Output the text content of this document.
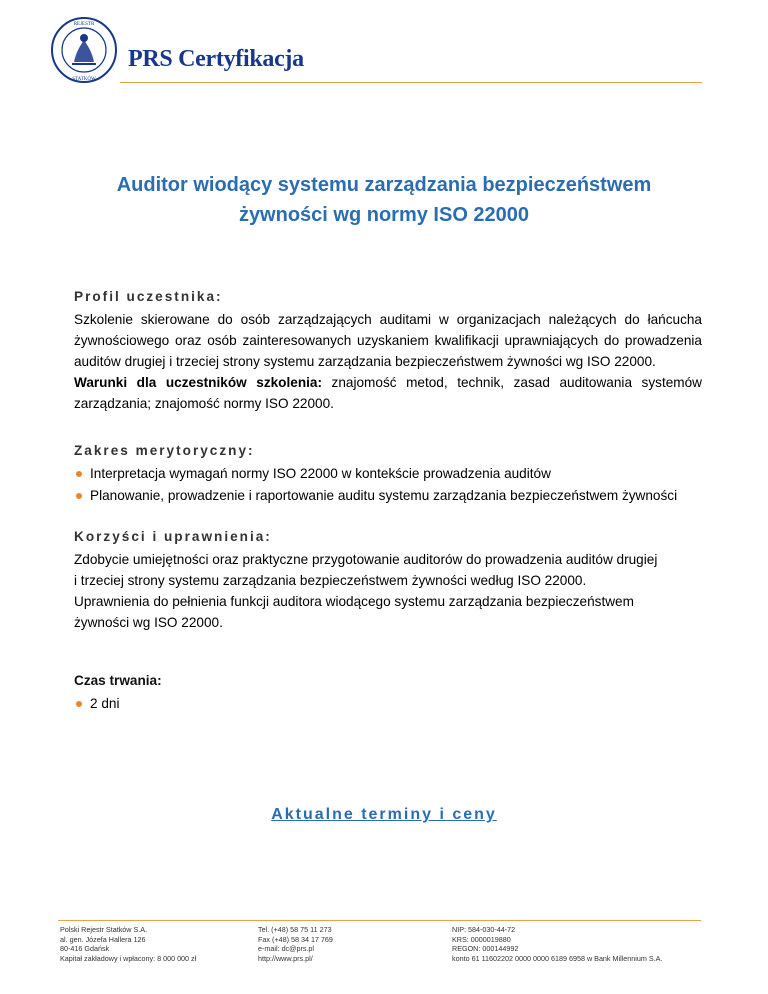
REJESTR
STATKÓW
PRS Certyfikacja
Auditor wiodący systemu zarządzania bezpieczeństwem
żywności wg normy ISO 22000
Profil uczestnika:
Szkolenie skierowane do osób zarządzających auditami w organizacjach należących do łańcucha żywnościowego oraz osób zainteresowanych uzyskaniem kwalifikacji uprawniających do prowadzenia auditów drugiej i trzeciej strony systemu zarządzania bezpieczeństwem żywności wg ISO 22000.
Warunki dla uczestników szkolenia: znajomość metod, technik, zasad auditowania systemów zarządzania; znajomość normy ISO 22000.
Zakres merytoryczny:
Interpretacja wymagań normy ISO 22000 w kontekście prowadzenia auditów
Planowanie, prowadzenie i raportowanie auditu systemu zarządzania bezpieczeństwem żywności
Korzyści i uprawnienia:
Zdobycie umiejętności oraz praktyczne przygotowanie auditorów do prowadzenia auditów drugiej
i trzeciej strony systemu zarządzania bezpieczeństwem żywności według ISO 22000.
Uprawnienia do pełnienia funkcji auditora wiodącego systemu zarządzania bezpieczeństwem
żywności wg ISO 22000.
Czas trwania:
2 dni
Aktualne terminy i ceny
Polski Rejestr Statków S.A.
al. gen. Józefa Hallera 126
80-416 Gdańsk
Kapitał zakładowy i wpłacony: 8 000 000 zł
Tel. (+48) 58 75 11 273
Fax (+48) 58 34 17 769
e-mail: dc@prs.pl
http://www.prs.pl/
NIP: 584-030-44-72
KRS: 0000019880
REGON: 000144992
konto 61 11602202 0000 0000 6189 6958 w Bank Millennium S.A.
